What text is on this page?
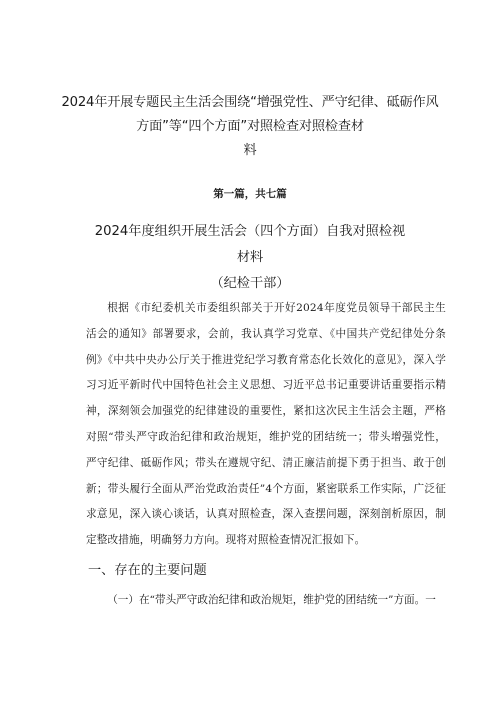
2024年开展专题民主生活会围绕“增强党性、严守纪律、砥砺作风
方面”等“四个方面”对照检查对照检查材
料
第一篇，共七篇
2024年度组织开展生活会（四个方面）自我对照检视
材料
（纪检干部）

根据《市纪委机关市委组织部关于开好2024年度党员领导干部民主生活会的通知》部署要求，会前，我认真学习党章、《中国共产党纪律处分条例》《中共中央办公厅关于推进党纪学习教育常态化长效化的意见》，深入学习习近平新时代中国特色社会主义思想、习近平总书记重要讲话重要指示精神，深刻领会加强党的纪律建设的重要性，紧扣这次民主生活会主题，严格对照“带头严守政治纪律和政治规矩，维护党的团结统一；带头增强党性，严守纪律、砥砺作风；带头在遵规守纪、清正廉洁前提下勇于担当、敢于创新；带头履行全面从严治党政治责任”4个方面，紧密联系工作实际，广泛征求意见，深入谈心谈话，认真对照检查，深入查摆问题，深刻剖析原因，制定整改措施，明确努力方向。现将对照检查情况汇报如下。

一、存在的主要问题

（一）在“带头严守政治纪律和政治规矩，维护党的团结统一”方面。一
